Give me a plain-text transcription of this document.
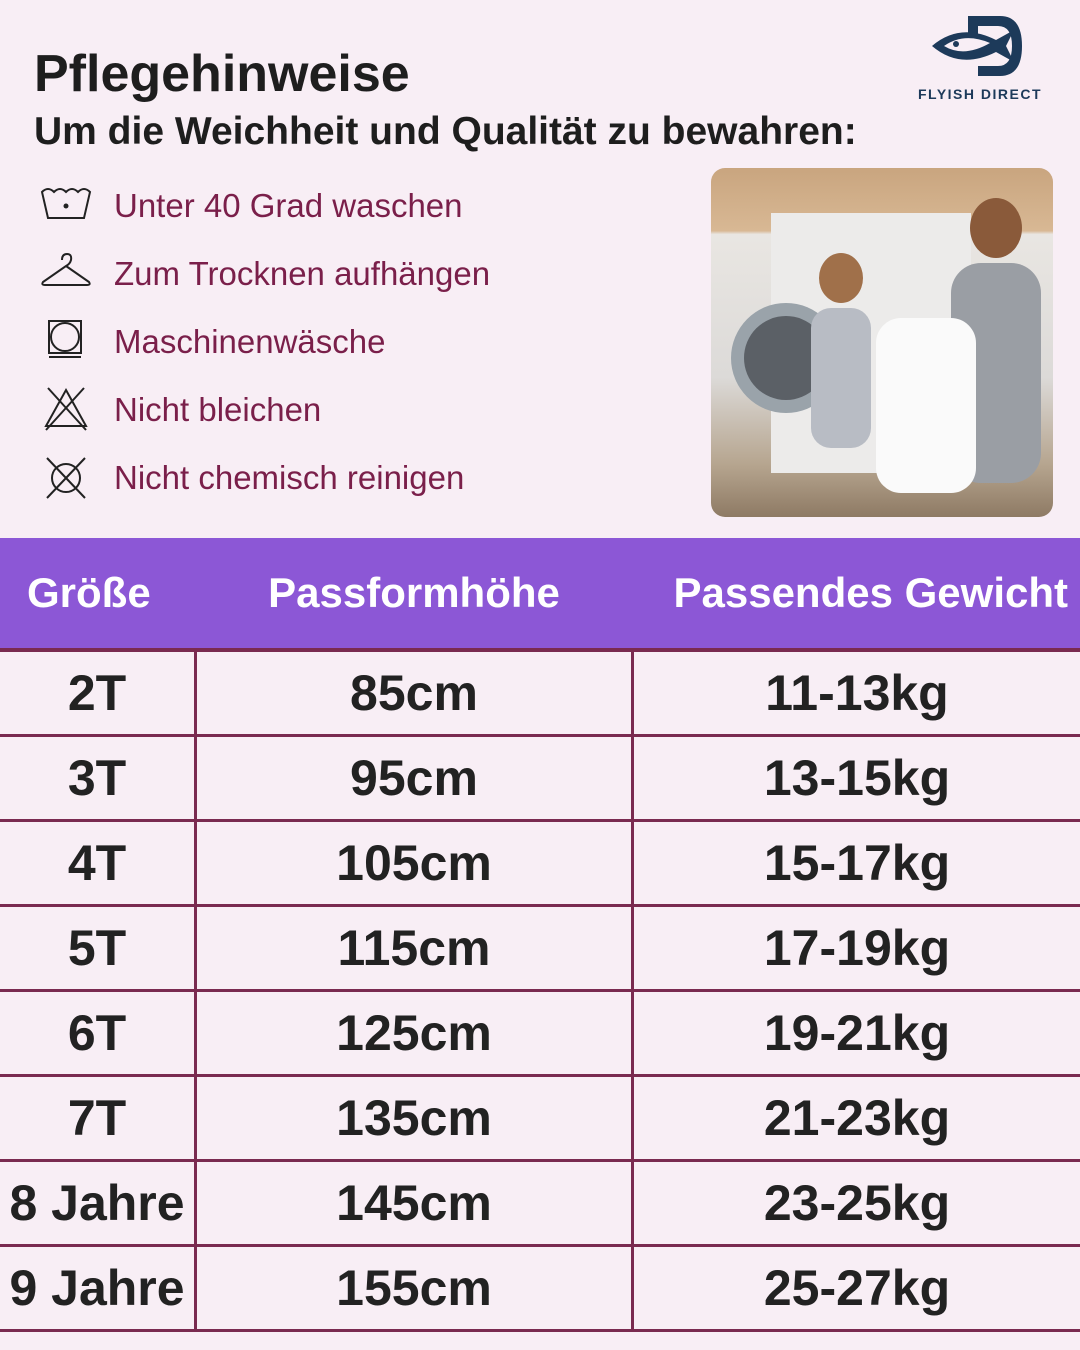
Pflegehinweise
Um die Weichheit und Qualität zu bewahren:
FLYISH DIRECT
Unter 40 Grad waschen
Zum Trocknen aufhängen
Maschinenwäsche
Nicht bleichen
Nicht chemisch reinigen
Größe	Passformhöhe	Passendes Gewicht
2T	85cm	11-13kg
3T	95cm	13-15kg
4T	105cm	15-17kg
5T	115cm	17-19kg
6T	125cm	19-21kg
7T	135cm	21-23kg
8 Jahre	145cm	23-25kg
9 Jahre	155cm	25-27kg
